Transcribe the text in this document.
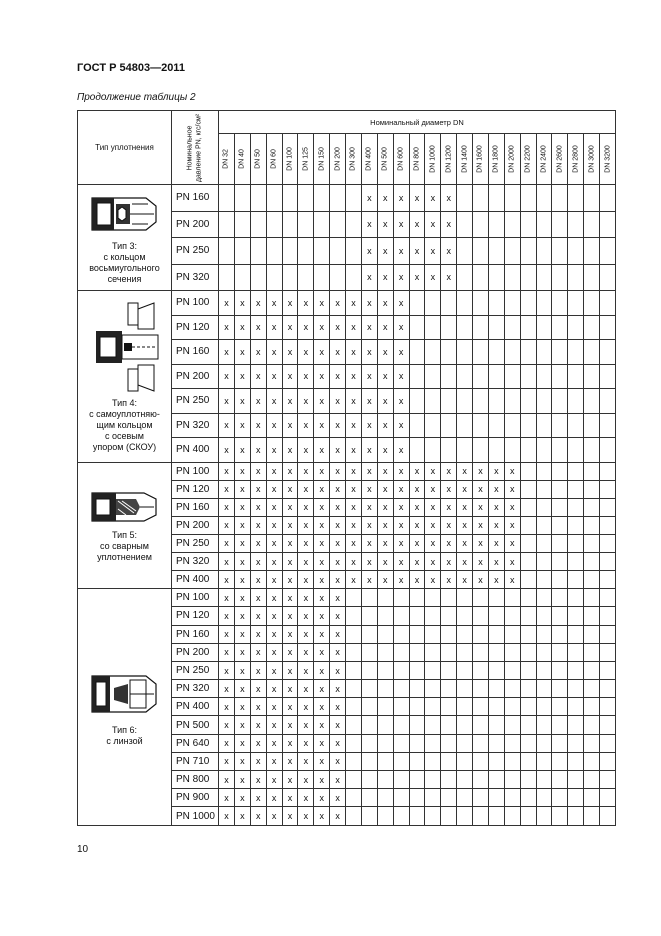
ГОСТ Р 54803—2011
Продолжение таблицы 2
Тип уплотнения	Номинальное давление PN, кгс/см²	Номинальный диаметр DN																								

		DN 32	DN 40	DN 50	DN 60	DN 100	DN 125	DN 150	DN 200	DN 300	DN 400	DN 500	DN 600	DN 800	DN 1000	DN 1200	DN 1400	DN 1600	DN 1800	DN 2000	DN 2200	DN 2400	DN 2600	DN 2800	DN 3000	DN 3200

Тип 3:
с кольцом
восьмиугольного
сечения	PN 160										x	x	x	x	x	x										
	PN 200										x	x	x	x	x	x										
	PN 250										x	x	x	x	x	x										
	PN 320										x	x	x	x	x	x										

Тип 4:
с самоуплотняю-
щим кольцом
с осевым
упором (СКОУ)	PN 100	x	x	x	x	x	x	x	x	x	x	x	x													
	PN 120	x	x	x	x	x	x	x	x	x	x	x	x													
	PN 160	x	x	x	x	x	x	x	x	x	x	x	x													
	PN 200	x	x	x	x	x	x	x	x	x	x	x	x													
	PN 250	x	x	x	x	x	x	x	x	x	x	x	x													
	PN 320	x	x	x	x	x	x	x	x	x	x	x	x													
	PN 400	x	x	x	x	x	x	x	x	x	x	x	x													

Тип 5:
со сварным
уплотнением	PN 100	x	x	x	x	x	x	x	x	x	x	x	x	x	x	x	x	x	x	x						
	PN 120	x	x	x	x	x	x	x	x	x	x	x	x	x	x	x	x	x	x	x						
	PN 160	x	x	x	x	x	x	x	x	x	x	x	x	x	x	x	x	x	x	x						
	PN 200	x	x	x	x	x	x	x	x	x	x	x	x	x	x	x	x	x	x	x						
	PN 250	x	x	x	x	x	x	x	x	x	x	x	x	x	x	x	x	x	x	x						
	PN 320	x	x	x	x	x	x	x	x	x	x	x	x	x	x	x	x	x	x	x						
	PN 400	x	x	x	x	x	x	x	x	x	x	x	x	x	x	x	x	x	x	x						

Тип 6:
с линзой	PN 100	x	x	x	x	x	x	x	x																	
	PN 120	x	x	x	x	x	x	x	x																	
	PN 160	x	x	x	x	x	x	x	x																	
	PN 200	x	x	x	x	x	x	x	x																	
	PN 250	x	x	x	x	x	x	x	x																	
	PN 320	x	x	x	x	x	x	x	x																	
	PN 400	x	x	x	x	x	x	x	x																	
	PN 500	x	x	x	x	x	x	x	x																	
	PN 640	x	x	x	x	x	x	x	x																	
	PN 710	x	x	x	x	x	x	x	x																	
	PN 800	x	x	x	x	x	x	x	x																	
	PN 900	x	x	x	x	x	x	x	x																	
	PN 1000	x	x	x	x	x	x	x	x																	
10
